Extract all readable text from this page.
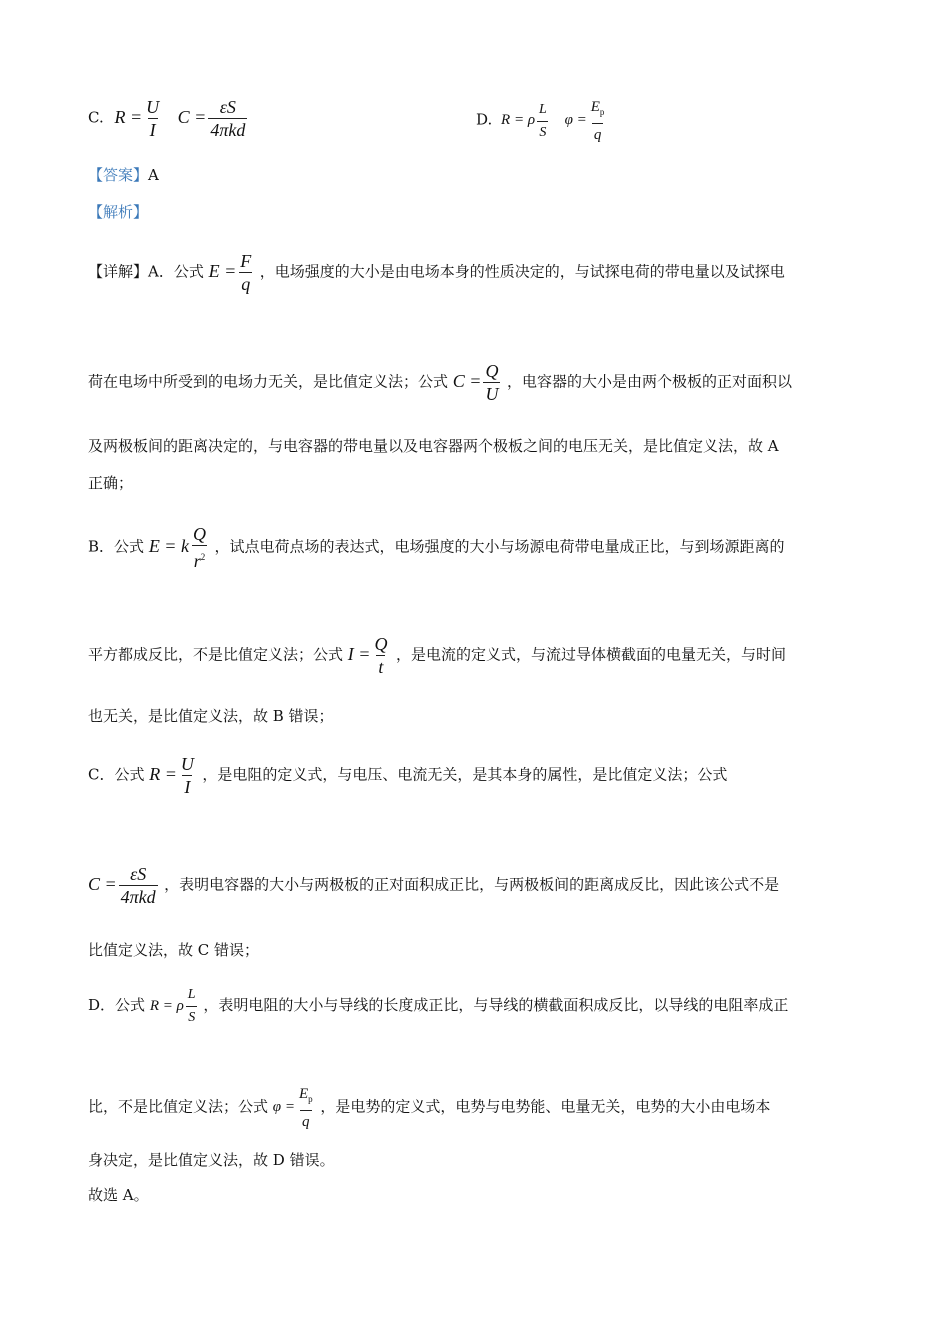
C. $R = \frac{U}{I}$ $C = \frac{\varepsilon S}{\text{4πkd}}$	D. R = ρ $\frac{L}{S}$ $\varphi = \frac{E_p}{q}$
【答案】A
【解析】
【详解】A．公式 $E = \frac{F}{q}$ ，电场强度的大小是由电场本身的性质决定的，与试探电荷的带电量以及试探电
荷在电场中所受到的电场力无关，是比值定义法；公式 $C = \frac{Q}{U}$ ，电容器的大小是由两个极板的正对面积以
及两极板间的距离决定的，与电容器的带电量以及电容器两个极板之间的电压无关，是比值定义法，故 A
正确；
B．公式 E = k $\frac{Q}{r^2}$ ，试点电荷点场的表达式，电场强度的大小与场源电荷带电量成正比，与到场源距离的
平方都成反比，不是比值定义法；公式 $I = \frac{Q}{t}$ ，是电流的定义式，与流过导体横截面的电量无关，与时间
也无关，是比值定义法，故 B 错误；
C．公式 $R = \frac{U}{I}$ ，是电阻的定义式，与电压、电流无关，是其本身的属性，是比值定义法；公式
$C = \frac{\varepsilon S}{\text{4πkd}}$ ，表明电容器的大小与两极板的正对面积成正比，与两极板间的距离成反比，因此该公式不是
比值定义法，故 C 错误；
D．公式 R = ρ $\frac{L}{S}$ ，表明电阻的大小与导线的长度成正比，与导线的横截面积成反比，以导线的电阻率成正
比，不是比值定义法；公式 $\varphi = \frac{E_p}{q}$ ，是电势的定义式，电势与电势能、电量无关，电势的大小由电场本
身决定，是比值定义法，故 D 错误。
故选 A。
